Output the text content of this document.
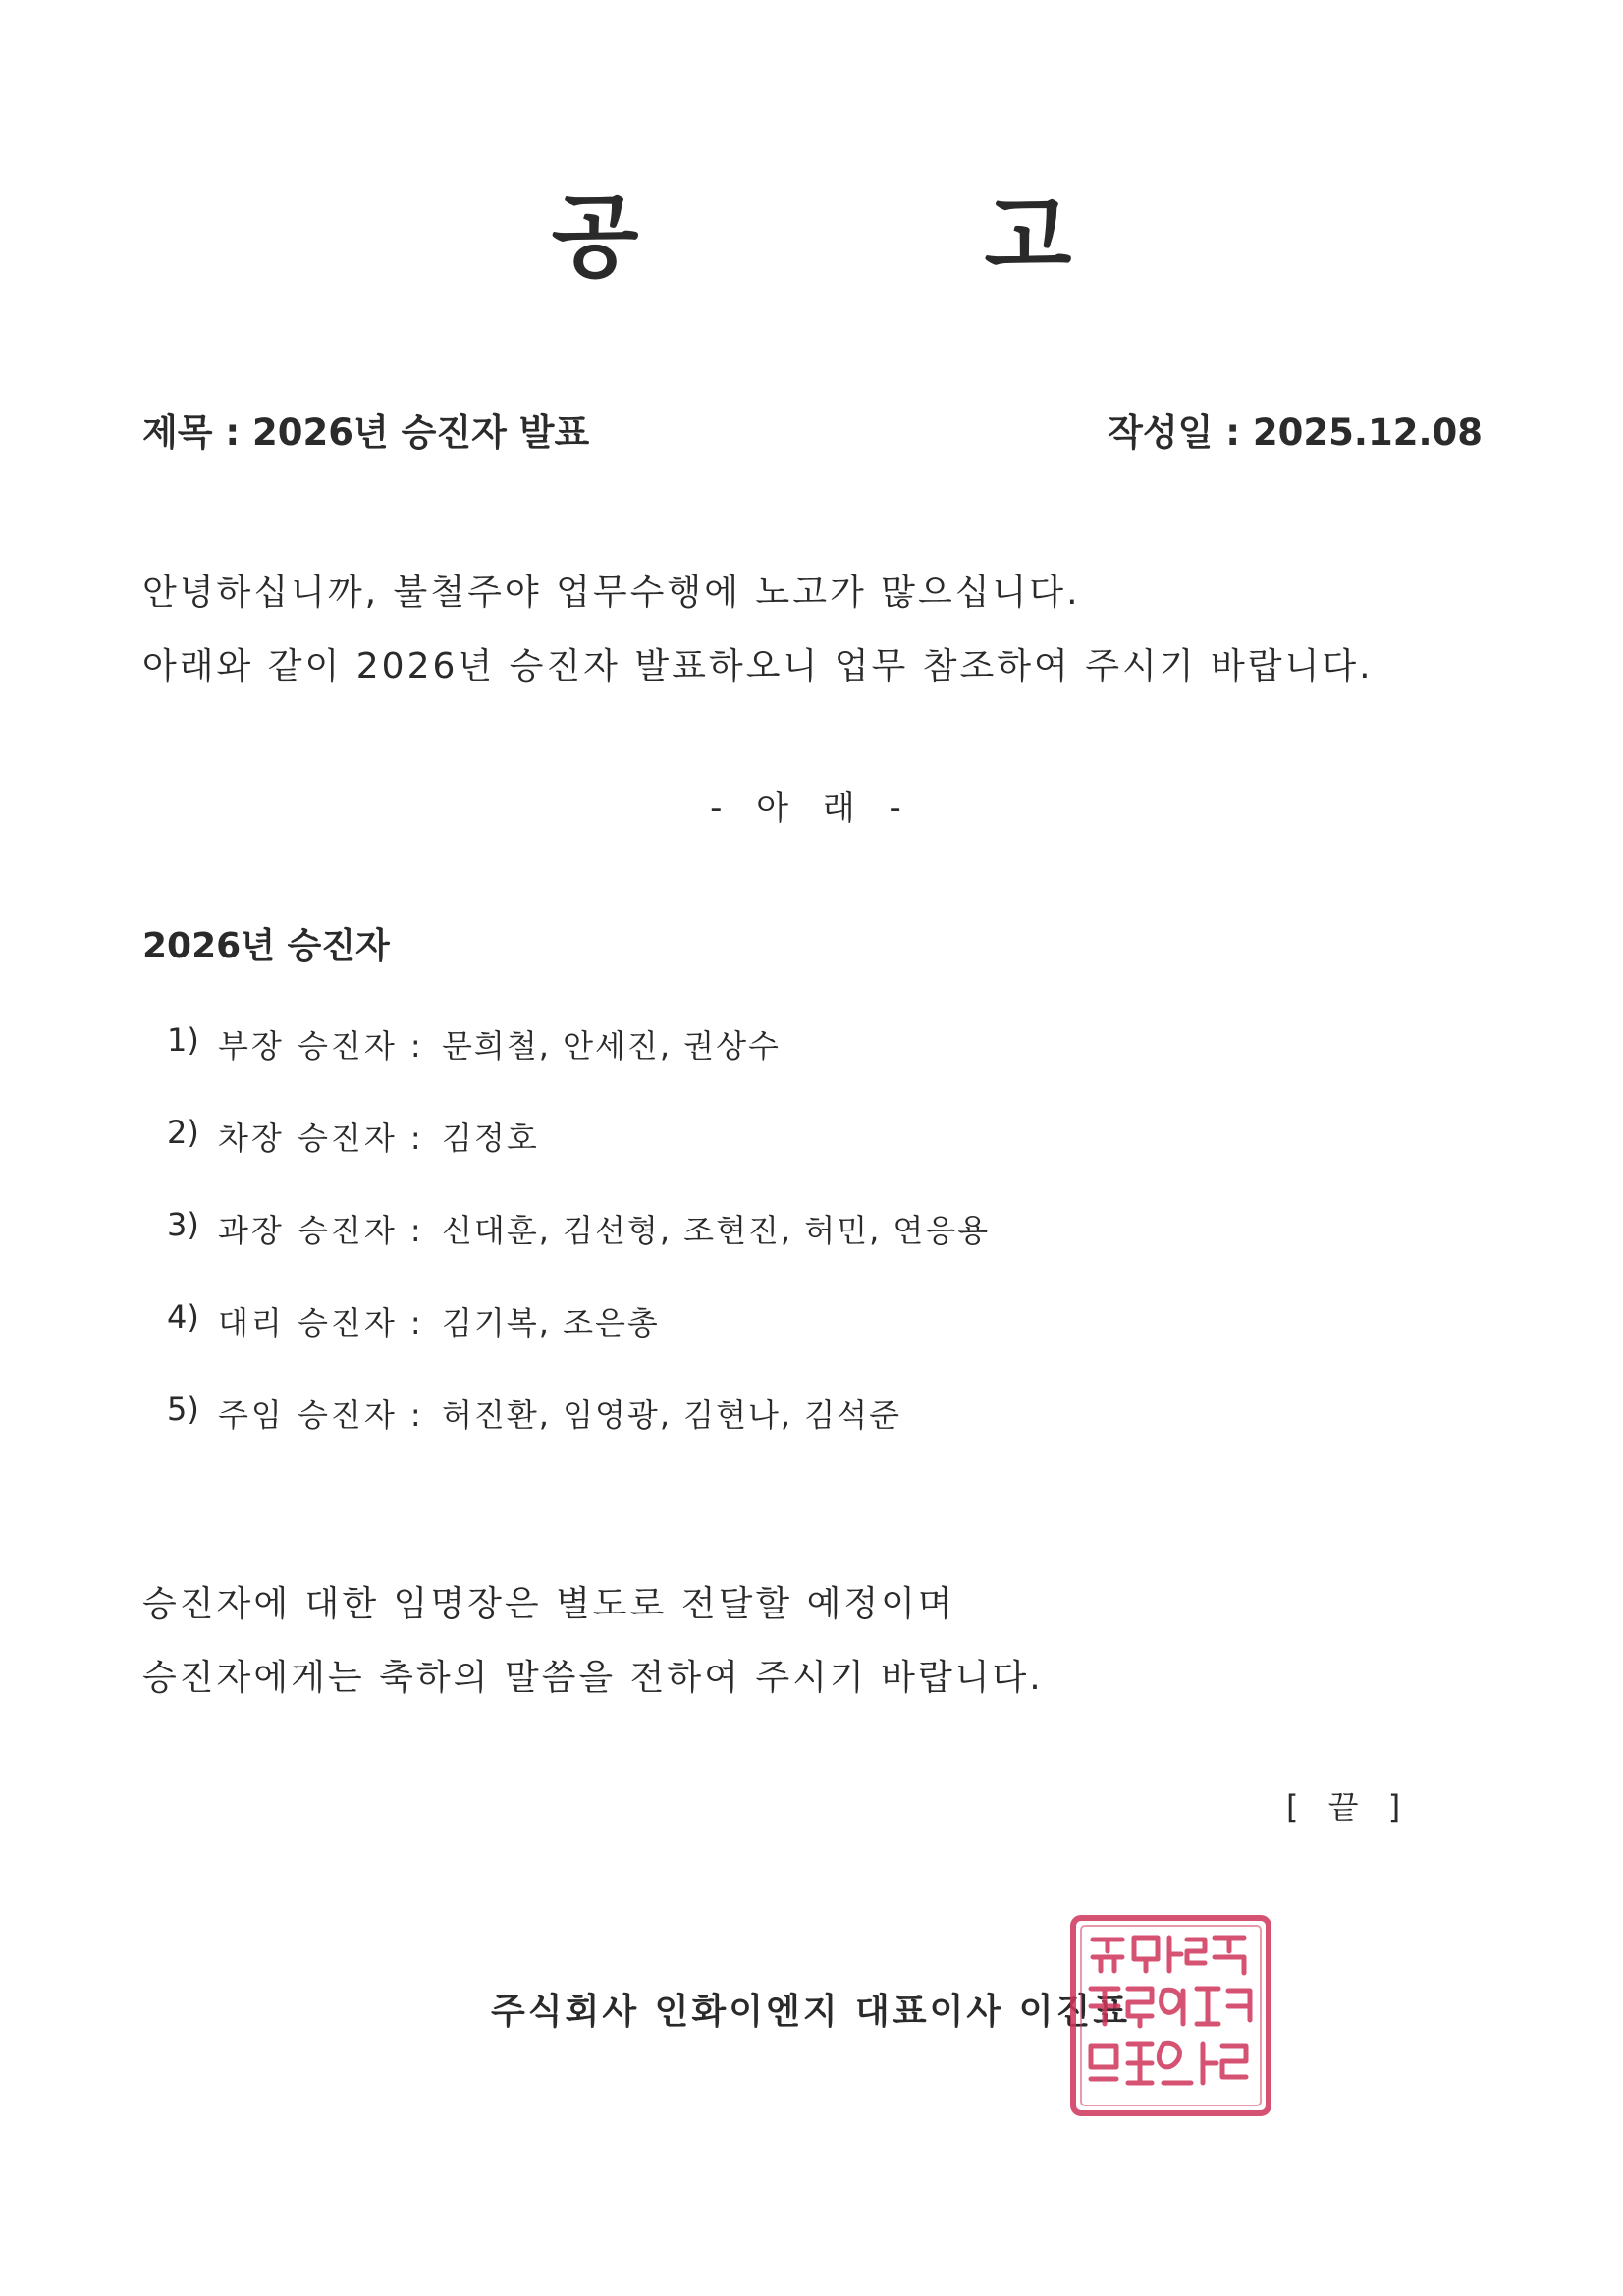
공 고
제목 : 2026년 승진자 발표	작성일 : 2025.12.08
안녕하십니까, 불철주야 업무수행에 노고가 많으십니다.
아래와 같이 2026년 승진자 발표하오니 업무 참조하여 주시기 바랍니다.
- 아 래 -
2026년 승진자
1) 부장 승진자 : 문희철, 안세진, 권상수
2) 차장 승진자 : 김정호
3) 과장 승진자 : 신대훈, 김선형, 조현진, 허민, 연응용
4) 대리 승진자 : 김기복, 조은총
5) 주임 승진자 : 허진환, 임영광, 김현나, 김석준
승진자에 대한 임명장은 별도로 전달할 예정이며
승진자에게는 축하의 말씀을 전하여 주시기 바랍니다.
[ 끝 ]
주식회사 인화이엔지 대표이사 이진표
